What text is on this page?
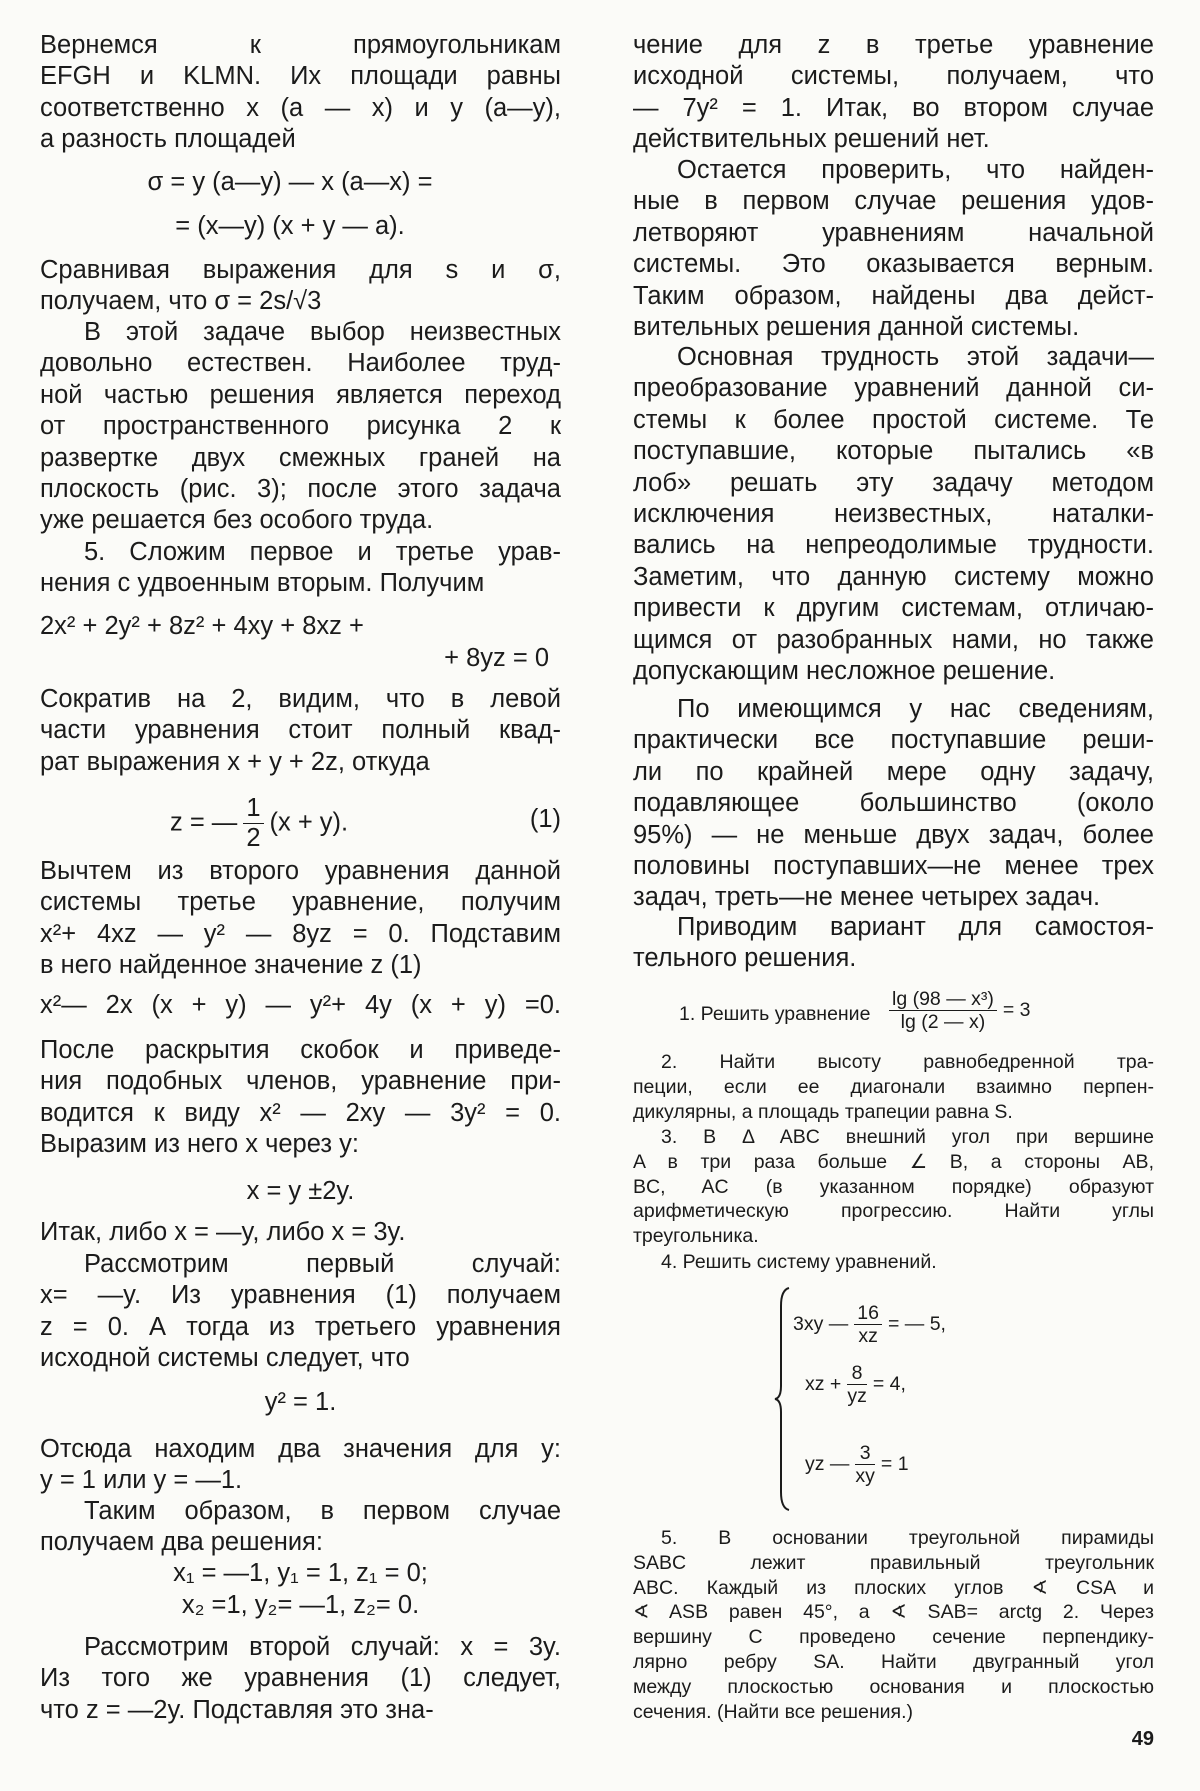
Вернемся к прямоугольникам
EFGH и KLMN. Их площади равны
соответственно x (a — x) и y (a—y),
а разность площадей
σ = y (a—y) — x (a—x) =
= (x—y) (x + y — a).
Сравнивая выражения для s и σ,
получаем, что σ = 2s/√3
В этой задаче выбор неизвестных
довольно естествен. Наиболее труд-
ной частью решения является переход
от пространственного рисунка 2 к
развертке двух смежных граней на
плоскость (рис. 3); после этого задача
уже решается без особого труда.
5. Сложим первое и третье урав-
нения с удвоенным вторым. Получим
2x² + 2y² + 8z² + 4xy + 8xz +
+ 8yz = 0
Сократив на 2, видим, что в левой
части уравнения стоит полный квад-
рат выражения x + y + 2z, откуда
z = — $\frac{1}{2} (x + y)$.	(1)
Вычтем из второго уравнения данной
системы третье уравнение, получим
x²+ 4xz — y² — 8yz = 0. Подставим
в него найденное значение z (1)
x²— 2x (x + y) — y²+ 4y (x + y) =0.
После раскрытия скобок и приведе-
ния подобных членов, уравнение при-
водится к виду x² — 2xy — 3y² = 0.
Выразим из него x через y:
x = y ±2y.
Итак, либо x = —y, либо x = 3y.
Рассмотрим первый случай:
x= —y. Из уравнения (1) получаем
z = 0. А тогда из третьего уравнения
исходной системы следует, что
y² = 1.
Отсюда находим два значения для y:
y = 1 или y = —1.
Таким образом, в первом случае
получаем два решения:
x₁ = —1, y₁ = 1, z₁ = 0;
x₂ =1, y₂= —1, z₂= 0.
Рассмотрим второй случай: x = 3y.
Из того же уравнения (1) следует,
что z = —2y. Подставляя это зна-
чение для z в третье уравнение
исходной системы, получаем, что
— 7y² = 1. Итак, во втором случае
действительных решений нет.
Остается проверить, что найден-
ные в первом случае решения удов-
летворяют уравнениям начальной
системы. Это оказывается верным.
Таким образом, найдены два дейст-
вительных решения данной системы.
Основная трудность этой задачи—
преобразование уравнений данной си-
стемы к более простой системе. Те
поступавшие, которые пытались «в
лоб» решать эту задачу методом
исключения неизвестных, наталки-
вались на непреодолимые трудности.
Заметим, что данную систему можно
привести к другим системам, отличаю-
щимся от разобранных нами, но также
допускающим несложное решение.
По имеющимся у нас сведениям,
практически все поступавшие реши-
ли по крайней мере одну задачу,
подавляющее большинство (около
95%) — не меньше двух задач, более
половины поступавших—не менее трех
задач, треть—не менее четырех задач.
Приводим вариант для самостоя-
тельного решения.
1. Решить уравнение $\frac{\text{lg (98 — x³)}}{\lg (2 — x)} = 3$
2. Найти высоту равнобедренной тра-
пеции, если ее диагонали взаимно перпен-
дикулярны, а площадь трапеции равна S.
3. В Δ ABC внешний угол при вершине
A в три раза больше ∠ B, а стороны AB,
BC, AC (в указанном порядке) образуют
арифметическую прогрессию. Найти углы
треугольника.
4. Решить систему уравнений.
3xy — $\frac{16}{xz}$ = — 5,
xz + $\frac{8}{yz} = 4$,
yz — $\frac{3}{xy} = 1$
5. В основании треугольной пирамиды
SABC лежит правильный треугольник
ABC. Каждый из плоских углов ∢ CSA и
∢ ASB равен 45°, а ∢ SAB= arctg 2. Через
вершину C проведено сечение перпендику-
лярно ребру SA. Найти двугранный угол
между плоскостью основания и плоскостью
сечения. (Найти все решения.)
49
